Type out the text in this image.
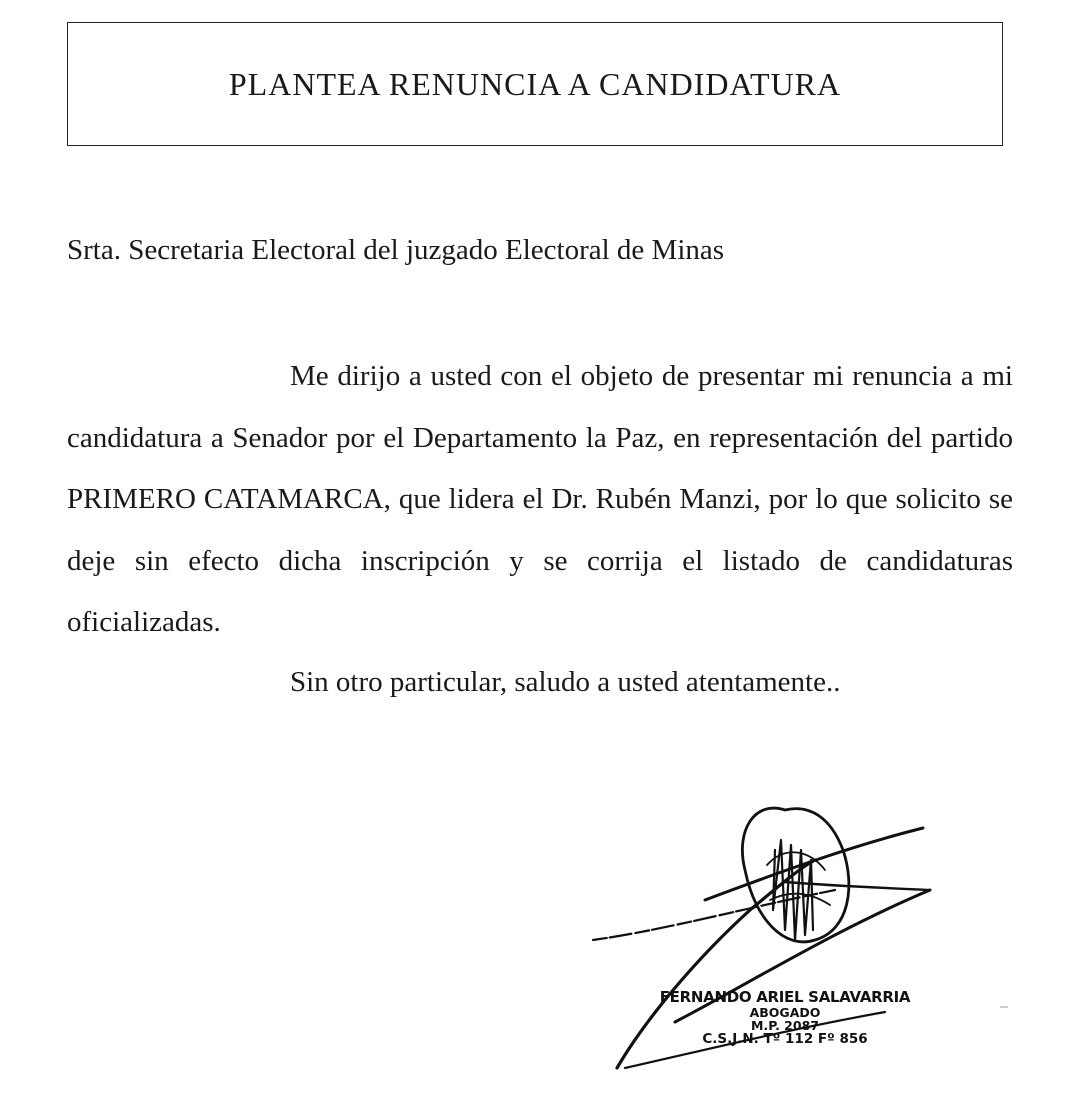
PLANTEA RENUNCIA A CANDIDATURA
Srta. Secretaria Electoral del juzgado Electoral de Minas

Me dirijo a usted con el objeto de presentar mi renuncia a mi candidatura a Senador por el Departamento la Paz, en representación del partido PRIMERO CATAMARCA, que lidera el Dr. Rubén Manzi, por lo que solicito se deje sin efecto dicha inscripción y se corrija el listado de candidaturas oficializadas.

Sin otro particular, saludo a usted atentamente..
FERNANDO ARIEL SALAVARRIA
ABOGADO
M.P. 2087
C.S.J.N. Tº 112 Fº 856
